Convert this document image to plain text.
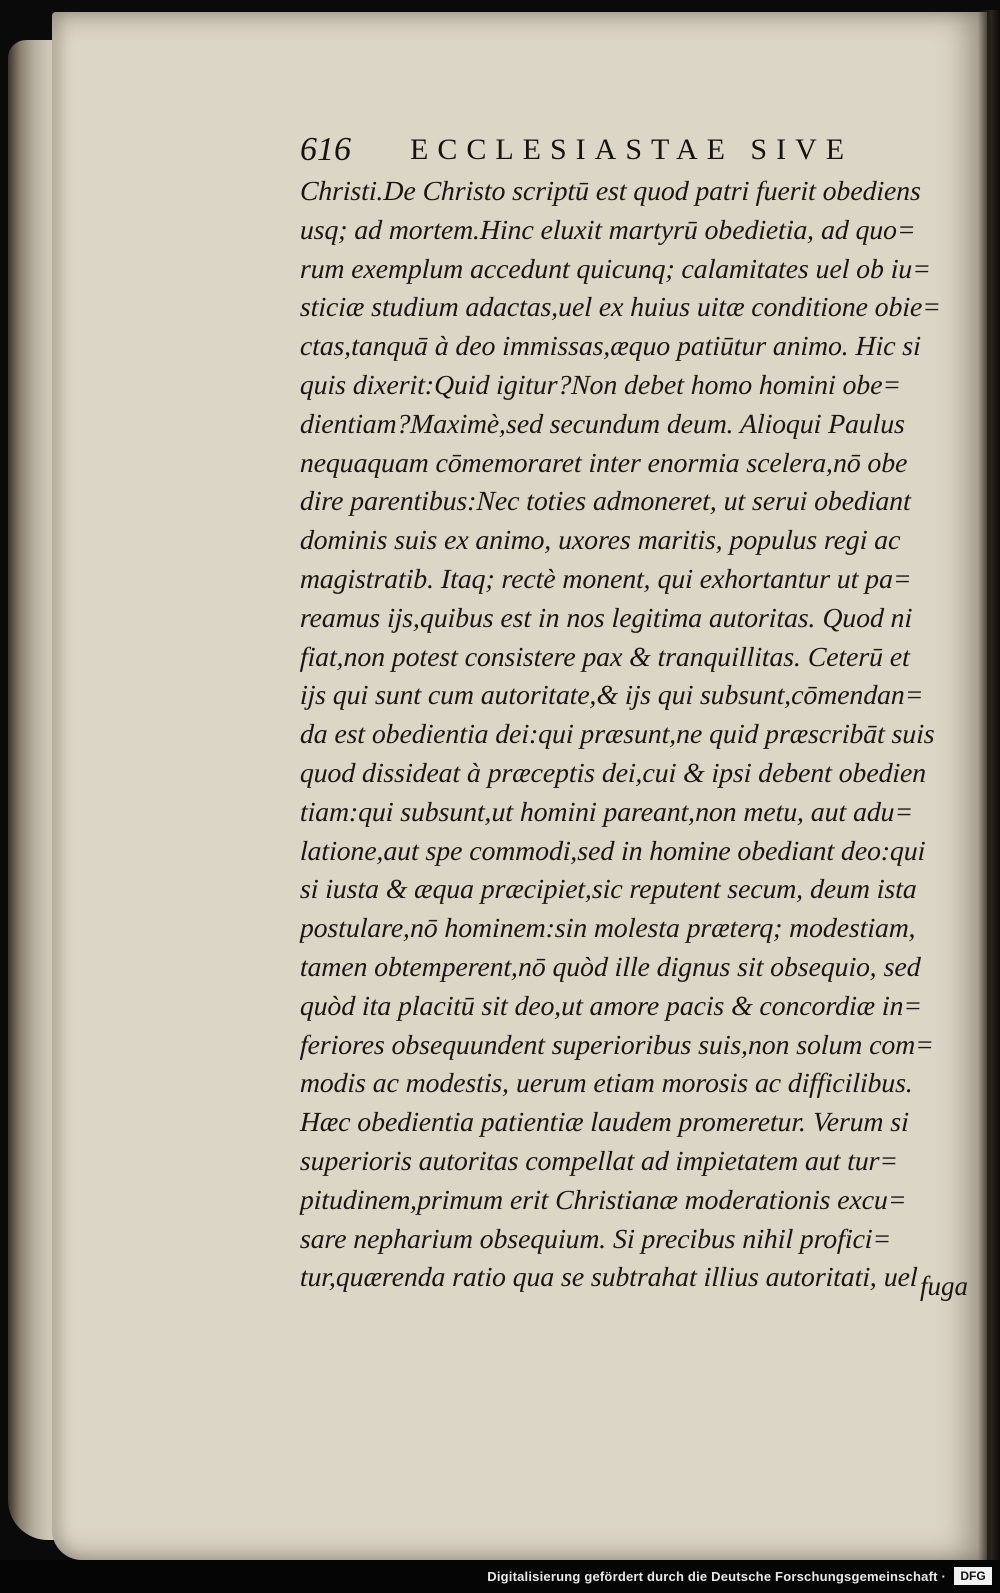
616 ECCLESIASTAE SIVE
Christi.De Christo scriptū est quod patri fuerit obediens
usq; ad mortem.Hinc eluxit martyrū obedietia, ad quo=
rum exemplum accedunt quicunq; calamitates uel ob iu=
sticiæ studium adactas,uel ex huius uitæ conditione obie=
ctas,tanquā à deo immissas,æquo patiūtur animo. Hic si
quis dixerit:Quid igitur?Non debet homo homini obe=
dientiam?Maximè,sed secundum deum. Alioqui Paulus
nequaquam cōmemoraret inter enormia scelera,nō obe
dire parentibus:Nec toties admoneret, ut serui obediant
dominis suis ex animo, uxores maritis, populus regi ac
magistratib. Itaq; rectè monent, qui exhortantur ut pa=
reamus ijs,quibus est in nos legitima autoritas. Quod ni
fiat,non potest consistere pax & tranquillitas. Ceterū et
ijs qui sunt cum autoritate,& ijs qui subsunt,cōmendan=
da est obedientia dei:qui præsunt,ne quid præscribāt suis
quod dissideat à præceptis dei,cui & ipsi debent obedien
tiam:qui subsunt,ut homini pareant,non metu, aut adu=
latione,aut spe commodi,sed in homine obediant deo:qui
si iusta & æqua præcipiet,sic reputent secum, deum ista
postulare,nō hominem:sin molesta præterq; modestiam,
tamen obtemperent,nō quòd ille dignus sit obsequio, sed
quòd ita placitū sit deo,ut amore pacis & concordiæ in=
feriores obsequundent superioribus suis,non solum com=
modis ac modestis, uerum etiam morosis ac difficilibus.
Hæc obedientia patientiæ laudem promeretur. Verum si
superioris autoritas compellat ad impietatem aut tur=
pitudinem,primum erit Christianæ moderationis excu=
sare nepharium obsequium. Si precibus nihil profici=
tur,quærenda ratio qua se subtrahat illius autoritati, uel fuga
Digitalisierung gefördert durch die Deutsche Forschungsgemeinschaft ·	DFG
